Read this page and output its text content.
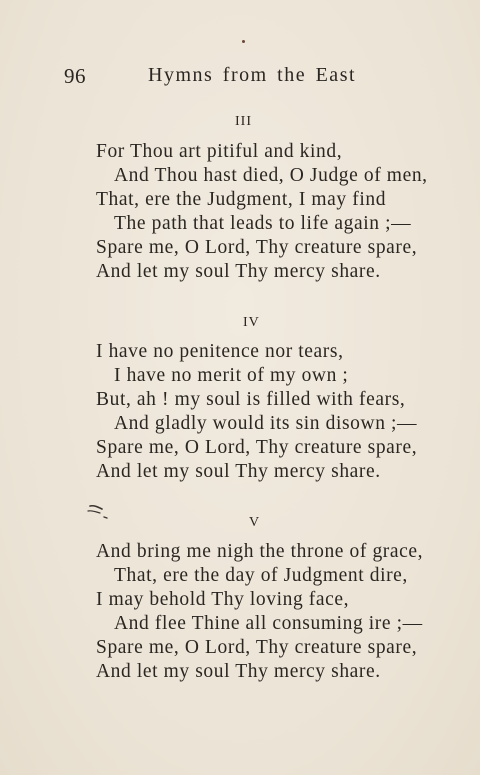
96	Hymns from the East
III
For Thou art pitiful and kind,
And Thou hast died, O Judge of men,
That, ere the Judgment, I may find
The path that leads to life again ;—
Spare me, O Lord, Thy creature spare,
And let my soul Thy mercy share.
IV
I have no penitence nor tears,
I have no merit of my own ;
But, ah ! my soul is filled with fears,
And gladly would its sin disown ;—
Spare me, O Lord, Thy creature spare,
And let my soul Thy mercy share.
V
And bring me nigh the throne of grace,
That, ere the day of Judgment dire,
I may behold Thy loving face,
And flee Thine all consuming ire ;—
Spare me, O Lord, Thy creature spare,
And let my soul Thy mercy share.
